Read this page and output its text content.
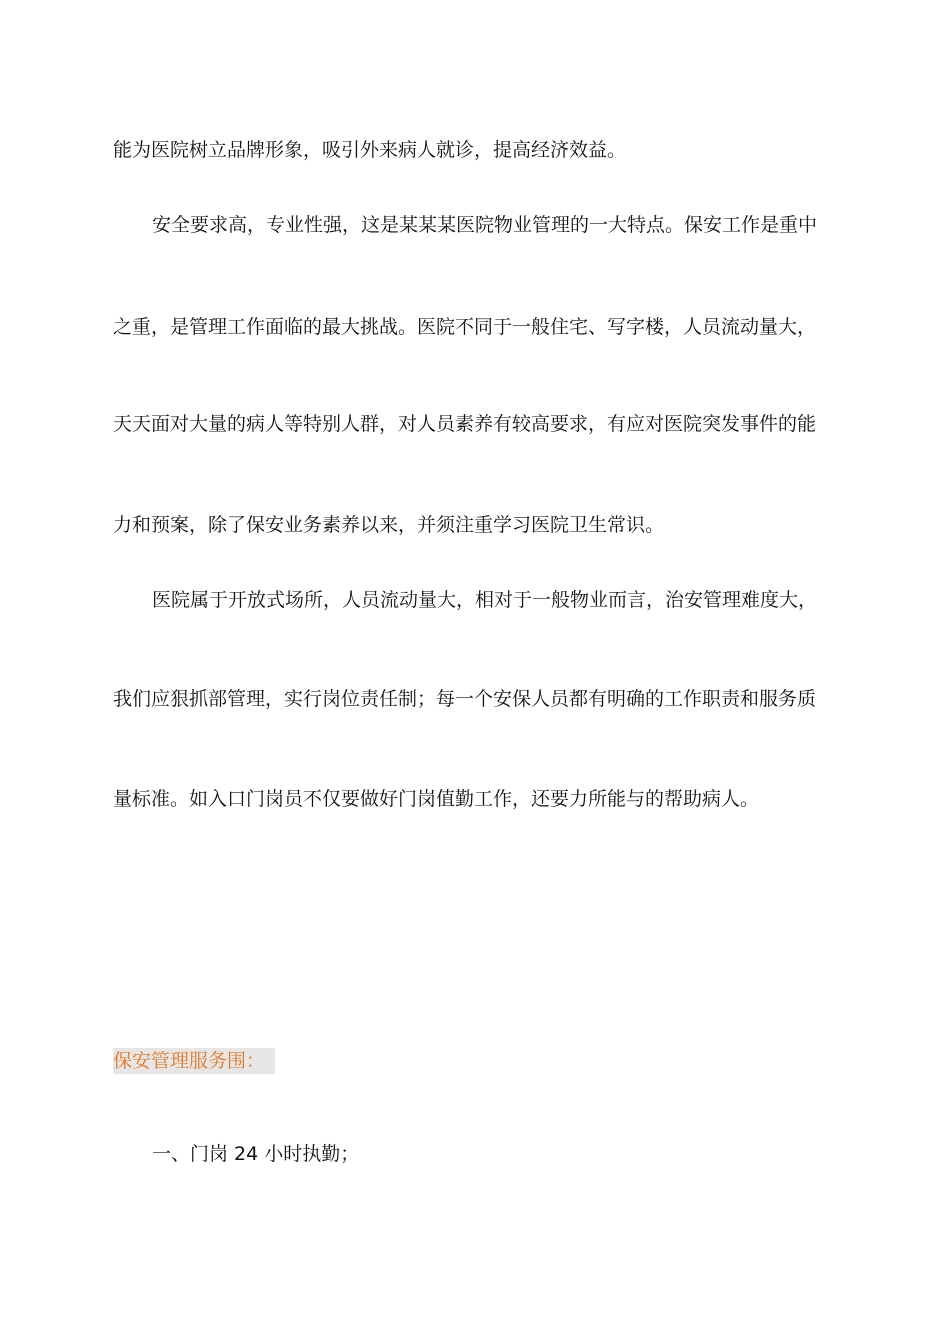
能为医院树立品牌形象，吸引外来病人就诊，提高经济效益。
安全要求高，专业性强，这是某某某医院物业管理的一大特点。保安工作是重中
之重，是管理工作面临的最大挑战。医院不同于一般住宅、写字楼，人员流动量大，
天天面对大量的病人等特别人群，对人员素养有较高要求，有应对医院突发事件的能
力和预案，除了保安业务素养以来，并须注重学习医院卫生常识。
医院属于开放式场所，人员流动量大，相对于一般物业而言，治安管理难度大，
我们应狠抓部管理，实行岗位责任制；每一个安保人员都有明确的工作职责和服务质
量标准。如入口门岗员不仅要做好门岗值勤工作，还要力所能与的帮助病人。
保安管理服务围：
一、门岗 24 小时执勤；
